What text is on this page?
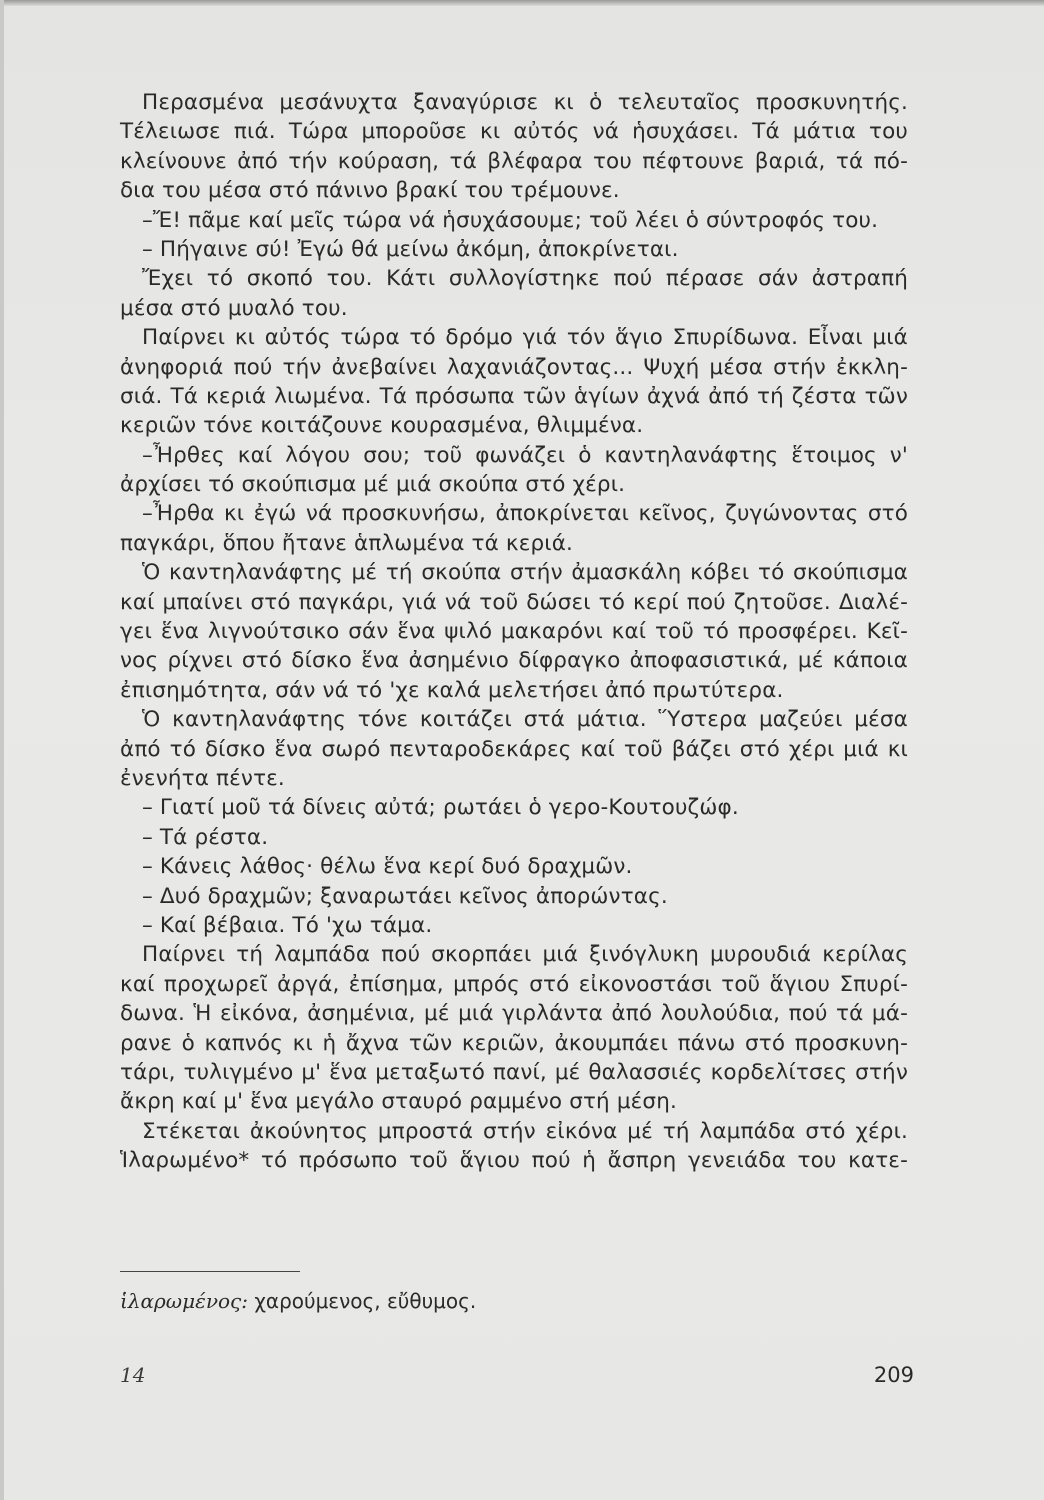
Περασμένα μεσάνυχτα ξαναγύρισε κι ὁ τελευταῖος προσκυνητής.
Τέλειωσε πιά. Τώρα μποροῦσε κι αὐτός νά ἡσυχάσει. Τά μάτια του
κλείνουνε ἀπό τήν κούραση, τά βλέφαρα του πέφτουνε βαριά, τά πό-
δια του μέσα στό πάνινο βρακί του τρέμουνε.
–Ἔ! πᾶμε καί μεῖς τώρα νά ἡσυχάσουμε; τοῦ λέει ὁ σύντροφός του.
– Πήγαινε σύ! Ἐγώ θά μείνω ἀκόμη, ἀποκρίνεται.
Ἔχει τό σκοπό του. Κάτι συλλογίστηκε πού πέρασε σάν ἀστραπή
μέσα στό μυαλό του.
Παίρνει κι αὐτός τώρα τό δρόμο γιά τόν ἅγιο Σπυρίδωνα. Εἶναι μιά
ἀνηφοριά πού τήν ἀνεβαίνει λαχανιάζοντας... Ψυχή μέσα στήν ἐκκλη-
σιά. Τά κεριά λιωμένα. Τά πρόσωπα τῶν ἁγίων ἀχνά ἀπό τή ζέστα τῶν
κεριῶν τόνε κοιτάζουνε κουρασμένα, θλιμμένα.
–Ἦρθες καί λόγου σου; τοῦ φωνάζει ὁ καντηλανάφτης ἕτοιμος ν'
ἀρχίσει τό σκούπισμα μέ μιά σκούπα στό χέρι.
–Ἦρθα κι ἐγώ νά προσκυνήσω, ἀποκρίνεται κεῖνος, ζυγώνοντας στό
παγκάρι, ὅπου ἤτανε ἁπλωμένα τά κεριά.
Ὁ καντηλανάφτης μέ τή σκούπα στήν ἀμασκάλη κόβει τό σκούπισμα
καί μπαίνει στό παγκάρι, γιά νά τοῦ δώσει τό κερί πού ζητοῦσε. Διαλέ-
γει ἕνα λιγνούτσικο σάν ἕνα ψιλό μακαρόνι καί τοῦ τό προσφέρει. Κεῖ-
νος ρίχνει στό δίσκο ἕνα ἀσημένιο δίφραγκο ἀποφασιστικά, μέ κάποια
ἐπισημότητα, σάν νά τό 'χε καλά μελετήσει ἀπό πρωτύτερα.
Ὁ καντηλανάφτης τόνε κοιτάζει στά μάτια. Ὕστερα μαζεύει μέσα
ἀπό τό δίσκο ἕνα σωρό πενταροδεκάρες καί τοῦ βάζει στό χέρι μιά κι
ἐνενήτα πέντε.
– Γιατί μοῦ τά δίνεις αὐτά; ρωτάει ὁ γερο-Κουτουζώφ.
– Τά ρέστα.
– Κάνεις λάθος· θέλω ἕνα κερί δυό δραχμῶν.
– Δυό δραχμῶν; ξαναρωτάει κεῖνος ἀπορώντας.
– Καί βέβαια. Τό 'χω τάμα.
Παίρνει τή λαμπάδα πού σκορπάει μιά ξινόγλυκη μυρουδιά κερίλας
καί προχωρεῖ ἀργά, ἐπίσημα, μπρός στό εἰκονοστάσι τοῦ ἅγιου Σπυρί-
δωνα. Ἡ εἰκόνα, ἀσημένια, μέ μιά γιρλάντα ἀπό λουλούδια, πού τά μά-
ρανε ὁ καπνός κι ἡ ἄχνα τῶν κεριῶν, ἀκουμπάει πάνω στό προσκυνη-
τάρι, τυλιγμένο μ' ἕνα μεταξωτό πανί, μέ θαλασσιές κορδελίτσες στήν
ἄκρη καί μ' ἕνα μεγάλο σταυρό ραμμένο στή μέση.
Στέκεται ἀκούνητος μπροστά στήν εἰκόνα μέ τή λαμπάδα στό χέρι.
Ἱλαρωμένο* τό πρόσωπο τοῦ ἅγιου πού ἡ ἄσπρη γενειάδα του κατε-
ἱλαρωμένος: χαρούμενος, εὔθυμος.
14	209
